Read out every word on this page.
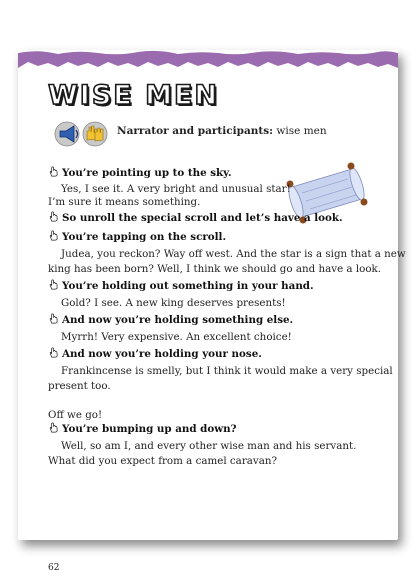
WISE MEN
Narrator and participants: wise men
You’re pointing up to the sky.
Yes, I see it. A very bright and unusual star!
I’m sure it means something.
So unroll the special scroll and let’s have a look.
You’re tapping on the scroll.
Judea, you reckon? Way off west. And the star is a sign that a new
king has been born? Well, I think we should go and have a look.
You’re holding out something in your hand.
Gold? I see. A new king deserves presents!
And now you’re holding something else.
Myrrh! Very expensive. An excellent choice!
And now you’re holding your nose.
Frankincense is smelly, but I think it would make a very special
present too.
Off we go!
You’re bumping up and down?
Well, so am I, and every other wise man and his servant.
What did you expect from a camel caravan?
62
